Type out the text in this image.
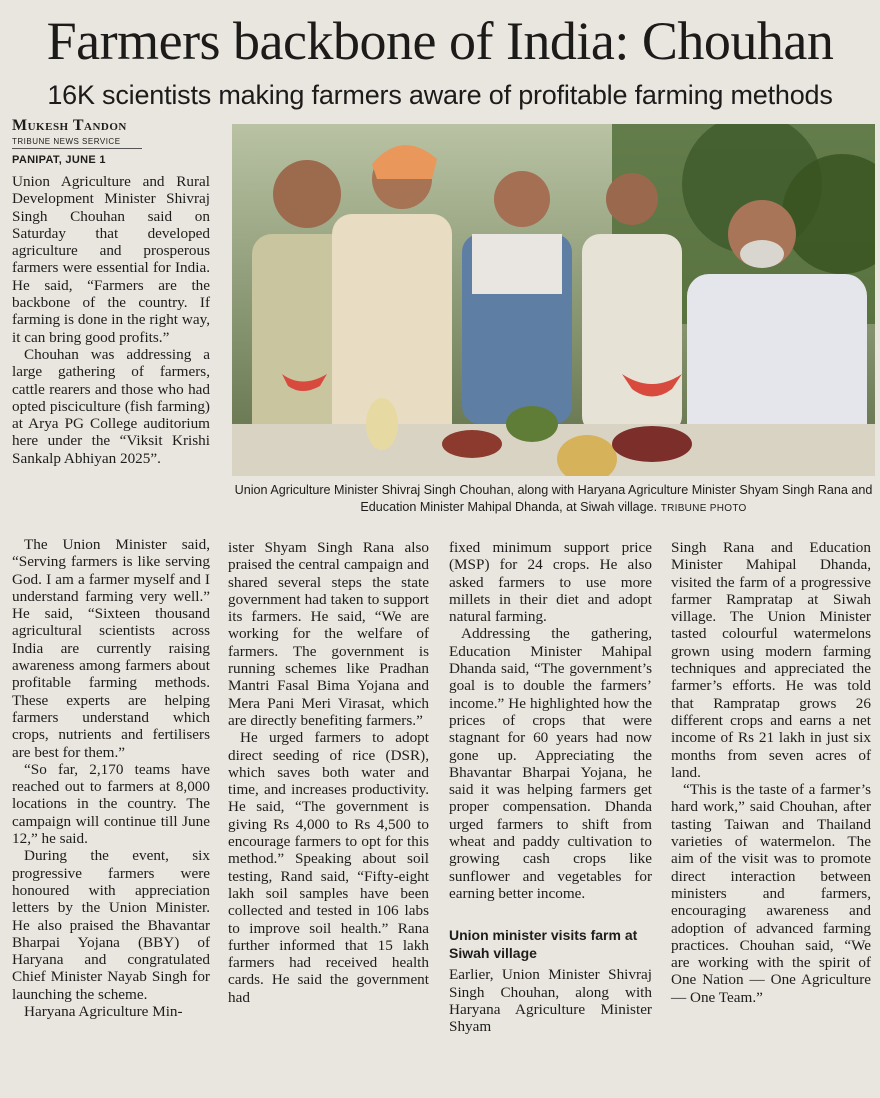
Farmers backbone of India: Chouhan
16K scientists making farmers aware of profitable farming methods
Mukesh Tandon
TRIBUNE NEWS SERVICE
PANIPAT, JUNE 1

Union Agriculture and Rural Development Minister Shivraj Singh Chouhan said on Saturday that developed agriculture and prosperous farmers were essential for India. He said, “Farmers are the backbone of the country. If farming is done in the right way, it can bring good profits.”

Chouhan was addressing a large gathering of farmers, cattle rearers and those who had opted pisciculture (fish farming) at Arya PG College auditorium here under the “Viksit Krishi Sankalp Abhiyan 2025”.

Union Agriculture Minister Shivraj Singh Chouhan, along with Haryana Agriculture Minister Shyam Singh Rana and Education Minister Mahipal Dhanda, at Siwah village. TRIBUNE PHOTO

The Union Minister said, “Serving farmers is like serving God. I am a farmer myself and I understand farming very well.” He said, “Sixteen thousand agricultural scientists across India are currently raising awareness among farmers about profitable farming methods. These experts are helping farmers understand which crops, nutrients and fertilisers are best for them.”

“So far, 2,170 teams have reached out to farmers at 8,000 locations in the country. The campaign will continue till June 12,” he said.

During the event, six progressive farmers were honoured with appreciation letters by the Union Minister. He also praised the Bhavantar Bharpai Yojana (BBY) of Haryana and congratulated Chief Minister Nayab Singh for launching the scheme.

Haryana Agriculture Min-

ister Shyam Singh Rana also praised the central campaign and shared several steps the state government had taken to support its farmers. He said, “We are working for the welfare of farmers. The government is running schemes like Pradhan Mantri Fasal Bima Yojana and Mera Pani Meri Virasat, which are directly benefiting farmers.”

He urged farmers to adopt direct seeding of rice (DSR), which saves both water and time, and increases productivity. He said, “The government is giving Rs 4,000 to Rs 4,500 to encourage farmers to opt for this method.” Speaking about soil testing, Rand said, “Fifty-eight lakh soil samples have been collected and tested in 106 labs to improve soil health.” Rana further informed that 15 lakh farmers had received health cards. He said the government had

fixed minimum support price (MSP) for 24 crops. He also asked farmers to use more millets in their diet and adopt natural farming.

Addressing the gathering, Education Minister Mahipal Dhanda said, “The government’s goal is to double the farmers’ income.” He highlighted how the prices of crops that were stagnant for 60 years had now gone up. Appreciating the Bhavantar Bharpai Yojana, he said it was helping farmers get proper compensation. Dhanda urged farmers to shift from wheat and paddy cultivation to growing cash crops like sunflower and vegetables for earning better income.

Union minister visits farm at Siwah village

Earlier, Union Minister Shivraj Singh Chouhan, along with Haryana Agriculture Minister Shyam

Singh Rana and Education Minister Mahipal Dhanda, visited the farm of a progressive farmer Rampratap at Siwah village. The Union Minister tasted colourful watermelons grown using modern farming techniques and appreciated the farmer’s efforts. He was told that Rampratap grows 26 different crops and earns a net income of Rs 21 lakh in just six months from seven acres of land.

“This is the taste of a farmer’s hard work,” said Chouhan, after tasting Taiwan and Thailand varieties of watermelon. The aim of the visit was to promote direct interaction between ministers and farmers, encouraging awareness and adoption of advanced farming practices. Chouhan said, “We are working with the spirit of One Nation — One Agriculture — One Team.”
